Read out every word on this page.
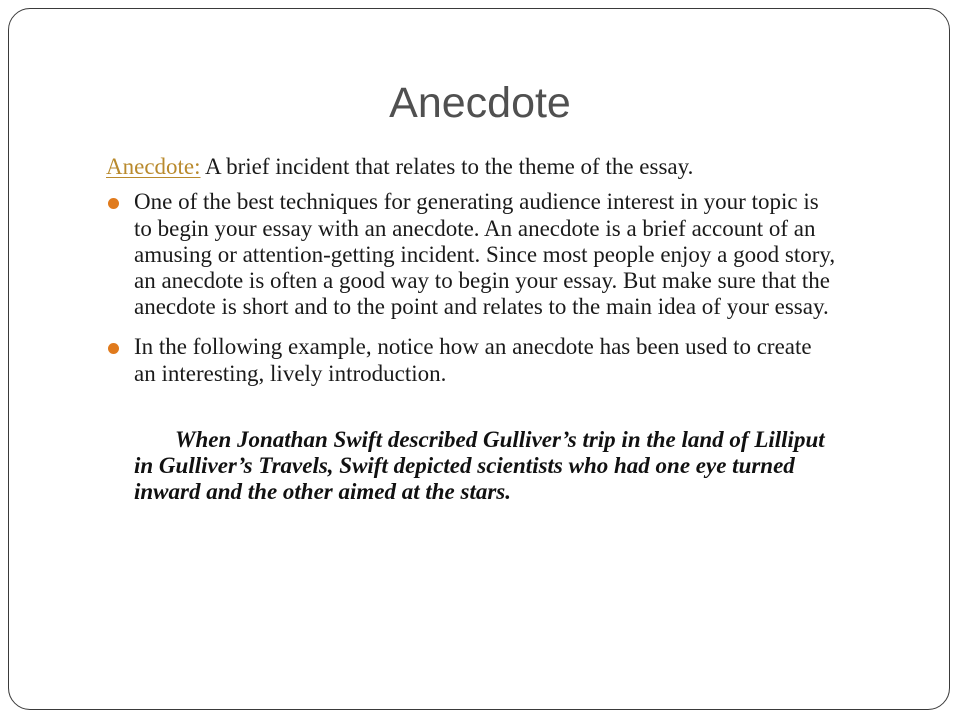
Anecdote

Anecdote: A brief incident that relates to the theme of the essay.

One of the best techniques for generating audience interest in your topic is to begin your essay with an anecdote. An anecdote is a brief account of an amusing or attention-getting incident. Since most people enjoy a good story, an anecdote is often a good way to begin your essay. But make sure that the anecdote is short and to the point and relates to the main idea of your essay.
In the following example, notice how an anecdote has been used to create an interesting, lively introduction.

When Jonathan Swift described Gulliver’s trip in the land of Lilliput in Gulliver’s Travels, Swift depicted scientists who had one eye turned inward and the other aimed at the stars.
